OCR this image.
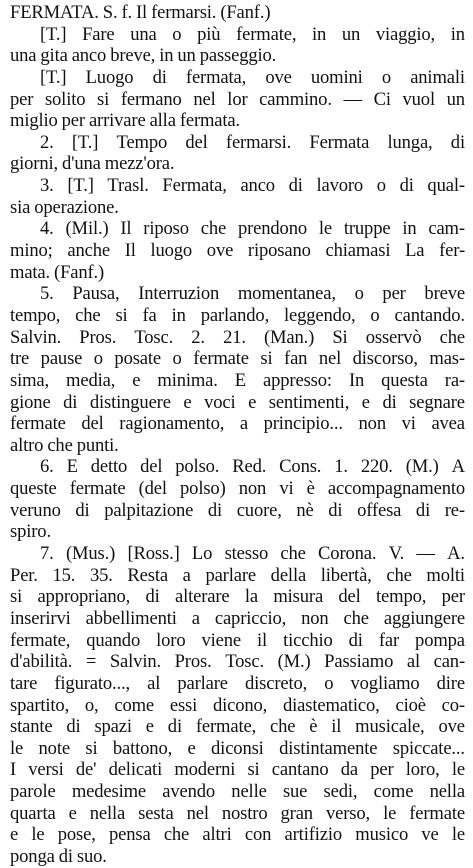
FERMATA. S. f. Il fermarsi. (Fanf.)
[T.] Fare una o più fermate, in un viaggio, in
una gita anco breve, in un passeggio.
[T.] Luogo di fermata, ove uomini o animali
per solito si fermano nel lor cammino. — Ci vuol un
miglio per arrivare alla fermata.
2. [T.] Tempo del fermarsi. Fermata lunga, di
giorni, d'una mezz'ora.
3. [T.] Trasl. Fermata, anco di lavoro o di qual-
sia operazione.
4. (Mil.) Il riposo che prendono le truppe in cam-
mino; anche Il luogo ove riposano chiamasi La fer-
mata. (Fanf.)
5. Pausa, Interruzion momentanea, o per breve
tempo, che si fa in parlando, leggendo, o cantando.
Salvin. Pros. Tosc. 2. 21. (Man.) Si osservò che
tre pause o posate o fermate si fan nel discorso, mas-
sima, media, e minima. E appresso: In questa ra-
gione di distinguere e voci e sentimenti, e di segnare
fermate del ragionamento, a principio... non vi avea
altro che punti.
6. E detto del polso. Red. Cons. 1. 220. (M.) A
queste fermate (del polso) non vi è accompagnamento
veruno di palpitazione di cuore, nè di offesa di re-
spiro.
7. (Mus.) [Ross.] Lo stesso che Corona. V. — A.
Per. 15. 35. Resta a parlare della libertà, che molti
si appropriano, di alterare la misura del tempo, per
inserirvi abbellimenti a capriccio, non che aggiungere
fermate, quando loro viene il ticchio di far pompa
d'abilità. = Salvin. Pros. Tosc. (M.) Passiamo al can-
tare figurato..., al parlare discreto, o vogliamo dire
spartito, o, come essi dicono, diastematico, cioè co-
stante di spazi e di fermate, che è il musicale, ove
le note si battono, e diconsi distintamente spiccate...
I versi de' delicati moderni si cantano da per loro, le
parole medesime avendo nelle sue sedi, come nella
quarta e nella sesta nel nostro gran verso, le fermate
e le pose, pensa che altri con artifizio musico ve le
ponga di suo.
